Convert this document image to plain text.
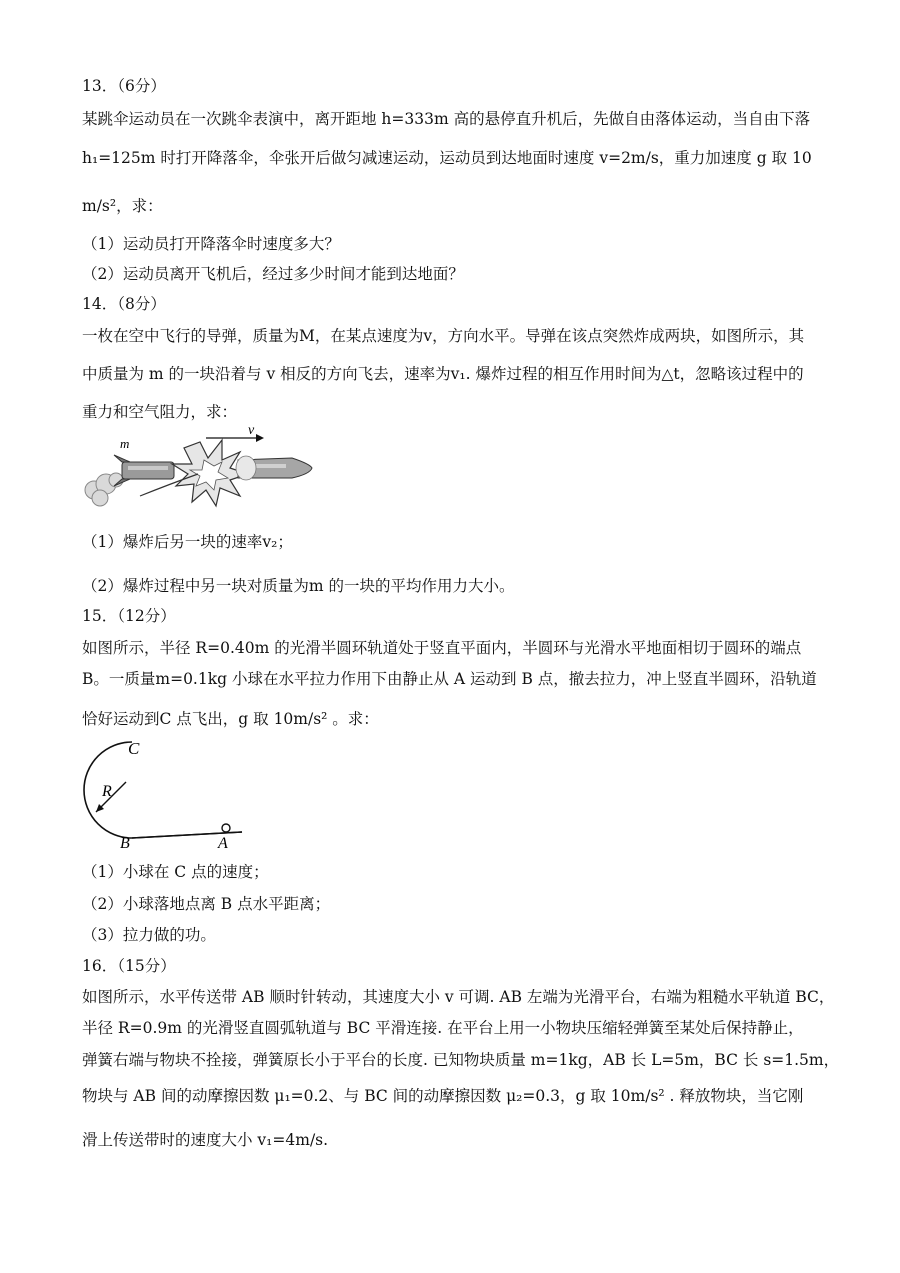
13．（6分）
某跳伞运动员在一次跳伞表演中，离开距地 h=333m 高的悬停直升机后，先做自由落体运动，当自由下落
h₁=125m 时打开降落伞，伞张开后做匀减速运动，运动员到达地面时速度 v=2m/s，重力加速度 g 取 10
m/s²，求：
（1）运动员打开降落伞时速度多大？
（2）运动员离开飞机后，经过多少时间才能到达地面？
14．（8分）
一枚在空中飞行的导弹，质量为M，在某点速度为v，方向水平。导弹在该点突然炸成两块，如图所示，其
中质量为 m 的一块沿着与 v 相反的方向飞去，速率为v₁. 爆炸过程的相互作用时间为△t，忽略该过程中的
重力和空气阻力，求：
v
m
（1）爆炸后另一块的速率v₂；
（2）爆炸过程中另一块对质量为m 的一块的平均作用力大小。
15．（12分）
如图所示，半径 R=0.40m 的光滑半圆环轨道处于竖直平面内，半圆环与光滑水平地面相切于圆环的端点
B。一质量m=0.1kg 小球在水平拉力作用下由静止从 A 运动到 B 点，撤去拉力，冲上竖直半圆环，沿轨道
恰好运动到C 点飞出，g 取 10m/s² 。求：
C
R
B	A
（1）小球在 C 点的速度；
（2）小球落地点离 B 点水平距离；
（3）拉力做的功。
16．（15分）
如图所示，水平传送带 AB 顺时针转动，其速度大小 v 可调. AB 左端为光滑平台，右端为粗糙水平轨道 BC，
半径 R=0.9m 的光滑竖直圆弧轨道与 BC 平滑连接. 在平台上用一小物块压缩轻弹簧至某处后保持静止，
弹簧右端与物块不拴接，弹簧原长小于平台的长度. 已知物块质量 m=1kg，AB 长 L=5m，BC 长 s=1.5m，
物块与 AB 间的动摩擦因数 μ₁=0.2、与 BC 间的动摩擦因数 μ₂=0.3，g 取 10m/s² . 释放物块，当它刚
滑上传送带时的速度大小 v₁=4m/s.
